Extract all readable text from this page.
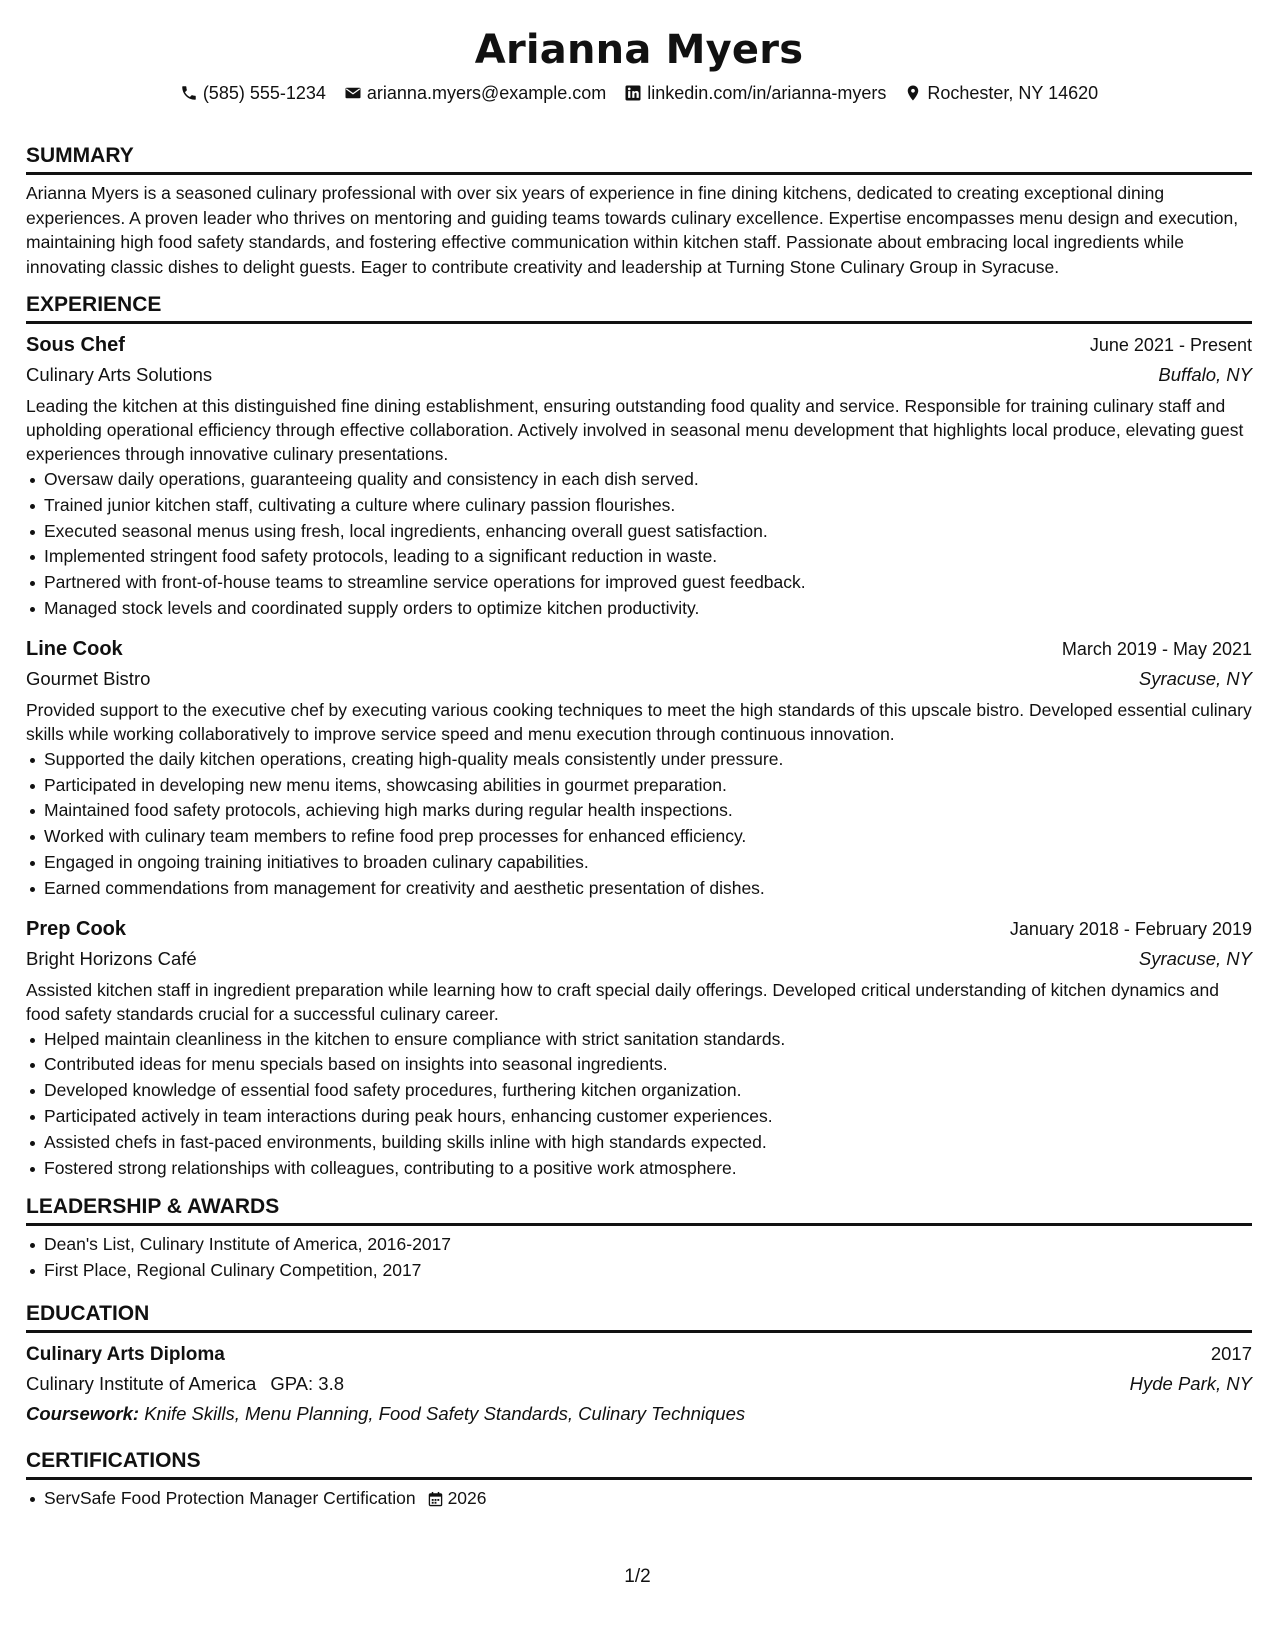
Arianna Myers
(585) 555-1234 arianna.myers@example.com linkedin.com/in/arianna-myers Rochester, NY 14620
SUMMARY

Arianna Myers is a seasoned culinary professional with over six years of experience in fine dining kitchens, dedicated to creating exceptional dining experiences. A proven leader who thrives on mentoring and guiding teams towards culinary excellence. Expertise encompasses menu design and execution, maintaining high food safety standards, and fostering effective communication within kitchen staff. Passionate about embracing local ingredients while innovating classic dishes to delight guests. Eager to contribute creativity and leadership at Turning Stone Culinary Group in Syracuse.

EXPERIENCE
Sous Chef	June 2021 - Present
Culinary Arts Solutions	Buffalo, NY

Leading the kitchen at this distinguished fine dining establishment, ensuring outstanding food quality and service. Responsible for training culinary staff and upholding operational efficiency through effective collaboration. Actively involved in seasonal menu development that highlights local produce, elevating guest experiences through innovative culinary presentations.

Oversaw daily operations, guaranteeing quality and consistency in each dish served.
Trained junior kitchen staff, cultivating a culture where culinary passion flourishes.
Executed seasonal menus using fresh, local ingredients, enhancing overall guest satisfaction.
Implemented stringent food safety protocols, leading to a significant reduction in waste.
Partnered with front-of-house teams to streamline service operations for improved guest feedback.
Managed stock levels and coordinated supply orders to optimize kitchen productivity.
Line Cook	March 2019 - May 2021
Gourmet Bistro	Syracuse, NY

Provided support to the executive chef by executing various cooking techniques to meet the high standards of this upscale bistro. Developed essential culinary skills while working collaboratively to improve service speed and menu execution through continuous innovation.

Supported the daily kitchen operations, creating high-quality meals consistently under pressure.
Participated in developing new menu items, showcasing abilities in gourmet preparation.
Maintained food safety protocols, achieving high marks during regular health inspections.
Worked with culinary team members to refine food prep processes for enhanced efficiency.
Engaged in ongoing training initiatives to broaden culinary capabilities.
Earned commendations from management for creativity and aesthetic presentation of dishes.
Prep Cook	January 2018 - February 2019
Bright Horizons Café	Syracuse, NY

Assisted kitchen staff in ingredient preparation while learning how to craft special daily offerings. Developed critical understanding of kitchen dynamics and food safety standards crucial for a successful culinary career.

Helped maintain cleanliness in the kitchen to ensure compliance with strict sanitation standards.
Contributed ideas for menu specials based on insights into seasonal ingredients.
Developed knowledge of essential food safety procedures, furthering kitchen organization.
Participated actively in team interactions during peak hours, enhancing customer experiences.
Assisted chefs in fast-paced environments, building skills inline with high standards expected.
Fostered strong relationships with colleagues, contributing to a positive work atmosphere.
LEADERSHIP & AWARDS
Dean's List, Culinary Institute of America, 2016-2017
First Place, Regional Culinary Competition, 2017
EDUCATION
Culinary Arts Diploma	2017
Culinary Institute of America GPA: 3.8	Hyde Park, NY
Coursework: Knife Skills, Menu Planning, Food Safety Standards, Culinary Techniques
CERTIFICATIONS
ServSafe Food Protection Manager Certification 2026
1/2
